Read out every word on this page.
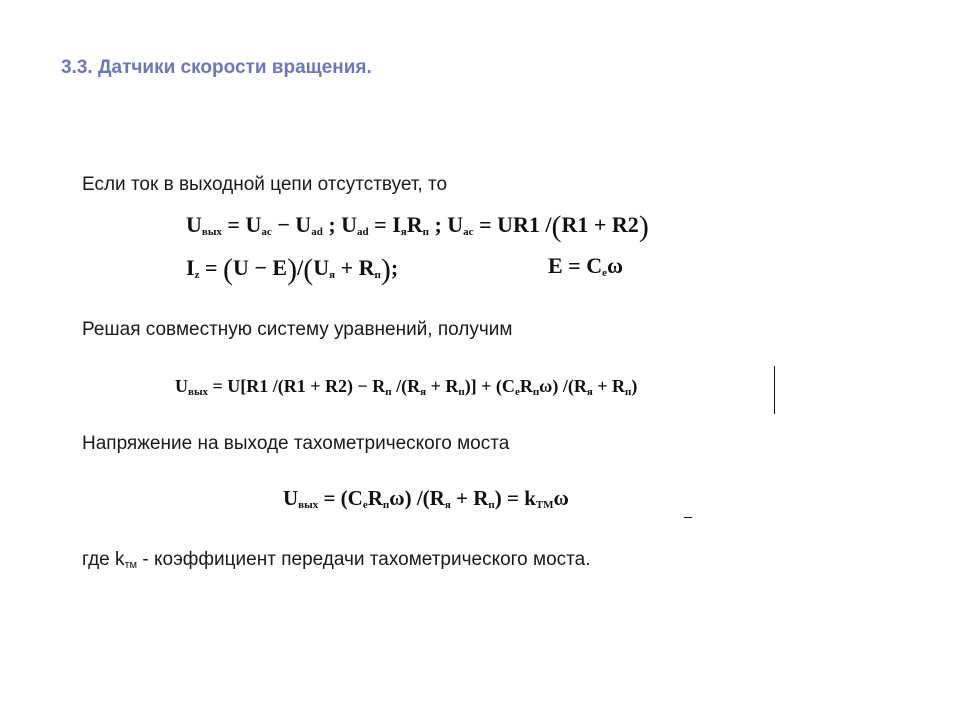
3.3. Датчики скорости вращения.
Если ток в выходной цепи отсутствует, то
$U_{вых} = U_{ac} - U_{ad}$ ; $U_{ad} = I_яR_п$ ; $U_{ac} = UR1$ /(R1 + R2)
$I_z = (U - E)/(U_я + R_п)$;	$E = C_e\omega$
Решая совместную систему уравнений, получим
$U_{вых} = U[R1$ $/(R1 + R2) - R_п$ $/(R_я + R_п)] + (C_eR_п\omega) /(R_я + R_п)$
Напряжение на выходе тахометрического моста
$U_{вых} = (C_eR_п\omega) /(R_я + R_п) = k_{ТМ}\omega$
где kтм - коэффициент передачи тахометрического моста.
